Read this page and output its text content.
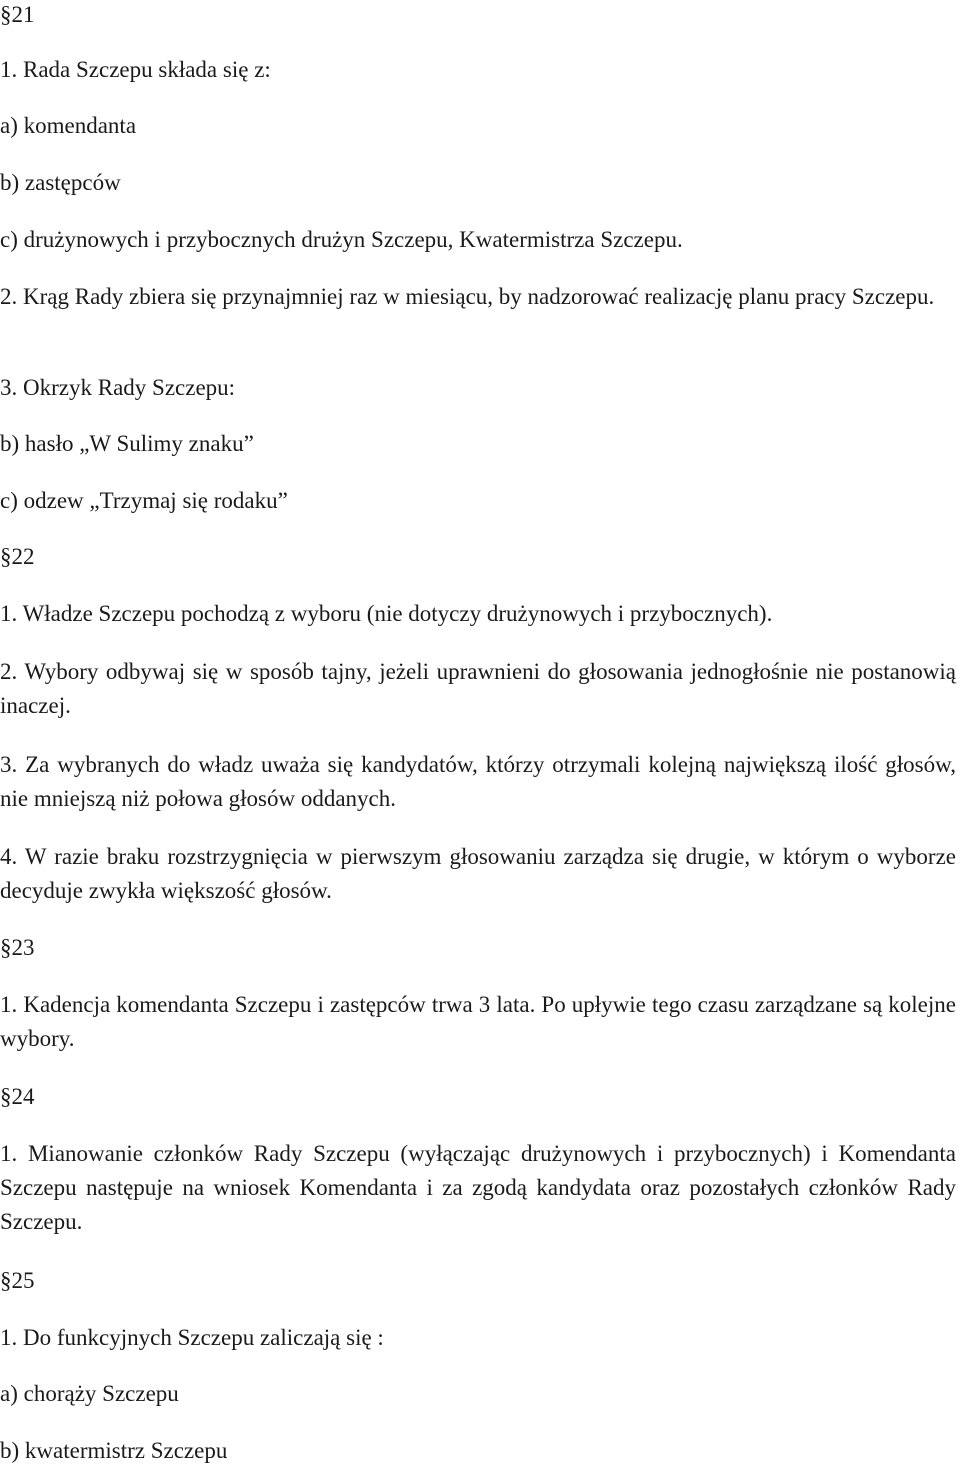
§21
1. Rada Szczepu składa się z:
a) komendanta
b) zastępców
c) drużynowych i przybocznych drużyn Szczepu, Kwatermistrza Szczepu.
2. Krąg Rady zbiera się przynajmniej raz w miesiącu, by nadzorować realizację planu pracy Szczepu.
3. Okrzyk Rady Szczepu:
b) hasło „W Sulimy znaku”
c) odzew „Trzymaj się rodaku”
§22
1. Władze Szczepu pochodzą z wyboru (nie dotyczy drużynowych i przybocznych).
2. Wybory odbywaj się w sposób tajny, jeżeli uprawnieni do głosowania jednogłośnie nie postanowią inaczej.
3. Za wybranych do władz uważa się kandydatów, którzy otrzymali kolejną największą ilość głosów, nie mniejszą niż połowa głosów oddanych.
4. W razie braku rozstrzygnięcia w pierwszym głosowaniu zarządza się drugie, w którym o wyborze decyduje zwykła większość głosów.
§23
1. Kadencja komendanta Szczepu i zastępców trwa 3 lata. Po upływie tego czasu zarządzane są kolejne wybory.
§24
1. Mianowanie członków Rady Szczepu (wyłączając drużynowych i przybocznych) i Komendanta Szczepu następuje na wniosek Komendanta i za zgodą kandydata oraz pozostałych członków Rady Szczepu.
§25
1. Do funkcyjnych Szczepu zaliczają się :
a) chorąży Szczepu
b) kwatermistrz Szczepu
